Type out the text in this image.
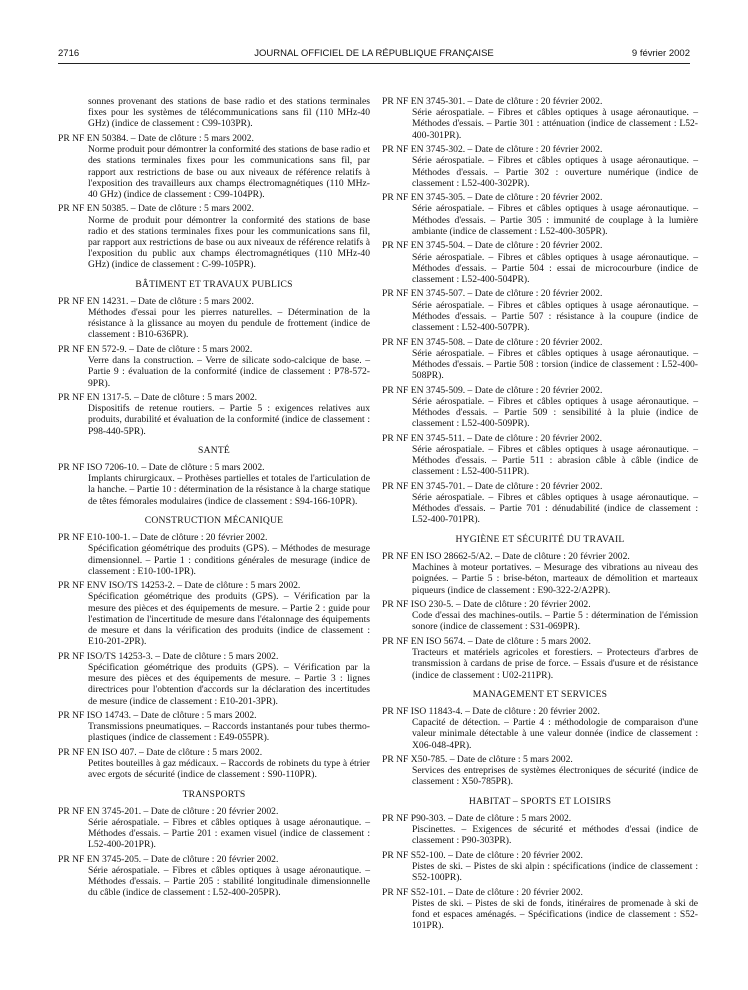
2716	JOURNAL OFFICIEL DE LA RÉPUBLIQUE FRANÇAISE	9 février 2002
sonnes provenant des stations de base radio et des stations terminales fixes pour les systèmes de télécommunications sans fil (110 MHz-40 GHz) (indice de classement : C99-103PR).
PR NF EN 50384. – Date de clôture : 5 mars 2002.
Norme produit pour démontrer la conformité des stations de base radio et des stations terminales fixes pour les communications sans fil, par rapport aux restrictions de base ou aux niveaux de référence relatifs à l'exposition des travailleurs aux champs électromagnétiques (110 MHz-40 GHz) (indice de classement : C99-104PR).
PR NF EN 50385. – Date de clôture : 5 mars 2002.
Norme de produit pour démontrer la conformité des stations de base radio et des stations terminales fixes pour les communications sans fil, par rapport aux restrictions de base ou aux niveaux de référence relatifs à l'exposition du public aux champs électromagnétiques (110 MHz-40 GHz) (indice de classement : C-99-105PR).
BÂTIMENT ET TRAVAUX PUBLICS
PR NF EN 14231. – Date de clôture : 5 mars 2002.
Méthodes d'essai pour les pierres naturelles. – Détermination de la résistance à la glissance au moyen du pendule de frottement (indice de classement : B10-636PR).
PR NF EN 572-9. – Date de clôture : 5 mars 2002.
Verre dans la construction. – Verre de silicate sodo-calcique de base. – Partie 9 : évaluation de la conformité (indice de classement : P78-572-9PR).
PR NF EN 1317-5. – Date de clôture : 5 mars 2002.
Dispositifs de retenue routiers. – Partie 5 : exigences relatives aux produits, durabilité et évaluation de la conformité (indice de classement : P98-440-5PR).
SANTÉ
PR NF ISO 7206-10. – Date de clôture : 5 mars 2002.
Implants chirurgicaux. – Prothèses partielles et totales de l'articulation de la hanche. – Partie 10 : détermination de la résistance à la charge statique de têtes fémorales modulaires (indice de classement : S94-166-10PR).
CONSTRUCTION MÉCANIQUE
PR NF E10-100-1. – Date de clôture : 20 février 2002.
Spécification géométrique des produits (GPS). – Méthodes de mesurage dimensionnel. – Partie 1 : conditions générales de mesurage (indice de classement : E10-100-1PR).
PR NF ENV ISO/TS 14253-2. – Date de clôture : 5 mars 2002.
Spécification géométrique des produits (GPS). – Vérification par la mesure des pièces et des équipements de mesure. – Partie 2 : guide pour l'estimation de l'incertitude de mesure dans l'étalonnage des équipements de mesure et dans la vérification des produits (indice de classement : E10-201-2PR).
PR NF ISO/TS 14253-3. – Date de clôture : 5 mars 2002.
Spécification géométrique des produits (GPS). – Vérification par la mesure des pièces et des équipements de mesure. – Partie 3 : lignes directrices pour l'obtention d'accords sur la déclaration des incertitudes de mesure (indice de classement : E10-201-3PR).
PR NF ISO 14743. – Date de clôture : 5 mars 2002.
Transmissions pneumatiques. – Raccords instantanés pour tubes thermo-plastiques (indice de classement : E49-055PR).
PR NF EN ISO 407. – Date de clôture : 5 mars 2002.
Petites bouteilles à gaz médicaux. – Raccords de robinets du type à étrier avec ergots de sécurité (indice de classement : S90-110PR).
TRANSPORTS
PR NF EN 3745-201. – Date de clôture : 20 février 2002.
Série aérospatiale. – Fibres et câbles optiques à usage aéronautique. – Méthodes d'essais. – Partie 201 : examen visuel (indice de classement : L52-400-201PR).
PR NF EN 3745-205. – Date de clôture : 20 février 2002.
Série aérospatiale. – Fibres et câbles optiques à usage aéronautique. – Méthodes d'essais. – Partie 205 : stabilité longitudinale dimensionnelle du câble (indice de classement : L52-400-205PR).
PR NF EN 3745-301. – Date de clôture : 20 février 2002.
Série aérospatiale. – Fibres et câbles optiques à usage aéronautique. – Méthodes d'essais. – Partie 301 : atténuation (indice de classement : L52-400-301PR).
PR NF EN 3745-302. – Date de clôture : 20 février 2002.
Série aérospatiale. – Fibres et câbles optiques à usage aéronautique. – Méthodes d'essais. – Partie 302 : ouverture numérique (indice de classement : L52-400-302PR).
PR NF EN 3745-305. – Date de clôture : 20 février 2002.
Série aérospatiale. – Fibres et câbles optiques à usage aéronautique. – Méthodes d'essais. – Partie 305 : immunité de couplage à la lumière ambiante (indice de classement : L52-400-305PR).
PR NF EN 3745-504. – Date de clôture : 20 février 2002.
Série aérospatiale. – Fibres et câbles optiques à usage aéronautique. – Méthodes d'essais. – Partie 504 : essai de microcourbure (indice de classement : L52-400-504PR).
PR NF EN 3745-507. – Date de clôture : 20 février 2002.
Série aérospatiale. – Fibres et câbles optiques à usage aéronautique. – Méthodes d'essais. – Partie 507 : résistance à la coupure (indice de classement : L52-400-507PR).
PR NF EN 3745-508. – Date de clôture : 20 février 2002.
Série aérospatiale. – Fibres et câbles optiques à usage aéronautique. – Méthodes d'essais. – Partie 508 : torsion (indice de classement : L52-400-508PR).
PR NF EN 3745-509. – Date de clôture : 20 février 2002.
Série aérospatiale. – Fibres et câbles optiques à usage aéronautique. – Méthodes d'essais. – Partie 509 : sensibilité à la pluie (indice de classement : L52-400-509PR).
PR NF EN 3745-511. – Date de clôture : 20 février 2002.
Série aérospatiale. – Fibres et câbles optiques à usage aéronautique. – Méthodes d'essais. – Partie 511 : abrasion câble à câble (indice de classement : L52-400-511PR).
PR NF EN 3745-701. – Date de clôture : 20 février 2002.
Série aérospatiale. – Fibres et câbles optiques à usage aéronautique. – Méthodes d'essais. – Partie 701 : dénudabilité (indice de classement : L52-400-701PR).
HYGIÈNE ET SÉCURITÉ DU TRAVAIL
PR NF EN ISO 28662-5/A2. – Date de clôture : 20 février 2002.
Machines à moteur portatives. – Mesurage des vibrations au niveau des poignées. – Partie 5 : brise-béton, marteaux de démolition et marteaux piqueurs (indice de classement : E90-322-2/A2PR).
PR NF ISO 230-5. – Date de clôture : 20 février 2002.
Code d'essai des machines-outils. – Partie 5 : détermination de l'émission sonore (indice de classement : S31-069PR).
PR NF EN ISO 5674. – Date de clôture : 5 mars 2002.
Tracteurs et matériels agricoles et forestiers. – Protecteurs d'arbres de transmission à cardans de prise de force. – Essais d'usure et de résistance (indice de classement : U02-211PR).
MANAGEMENT ET SERVICES
PR NF ISO 11843-4. – Date de clôture : 20 février 2002.
Capacité de détection. – Partie 4 : méthodologie de comparaison d'une valeur minimale détectable à une valeur donnée (indice de classement : X06-048-4PR).
PR NF X50-785. – Date de clôture : 5 mars 2002.
Services des entreprises de systèmes électroniques de sécurité (indice de classement : X50-785PR).
HABITAT – SPORTS ET LOISIRS
PR NF P90-303. – Date de clôture : 5 mars 2002.
Piscinettes. – Exigences de sécurité et méthodes d'essai (indice de classement : P90-303PR).
PR NF S52-100. – Date de clôture : 20 février 2002.
Pistes de ski. – Pistes de ski alpin : spécifications (indice de classement : S52-100PR).
PR NF S52-101. – Date de clôture : 20 février 2002.
Pistes de ski. – Pistes de ski de fonds, itinéraires de promenade à ski de fond et espaces aménagés. – Spécifications (indice de classement : S52-101PR).
